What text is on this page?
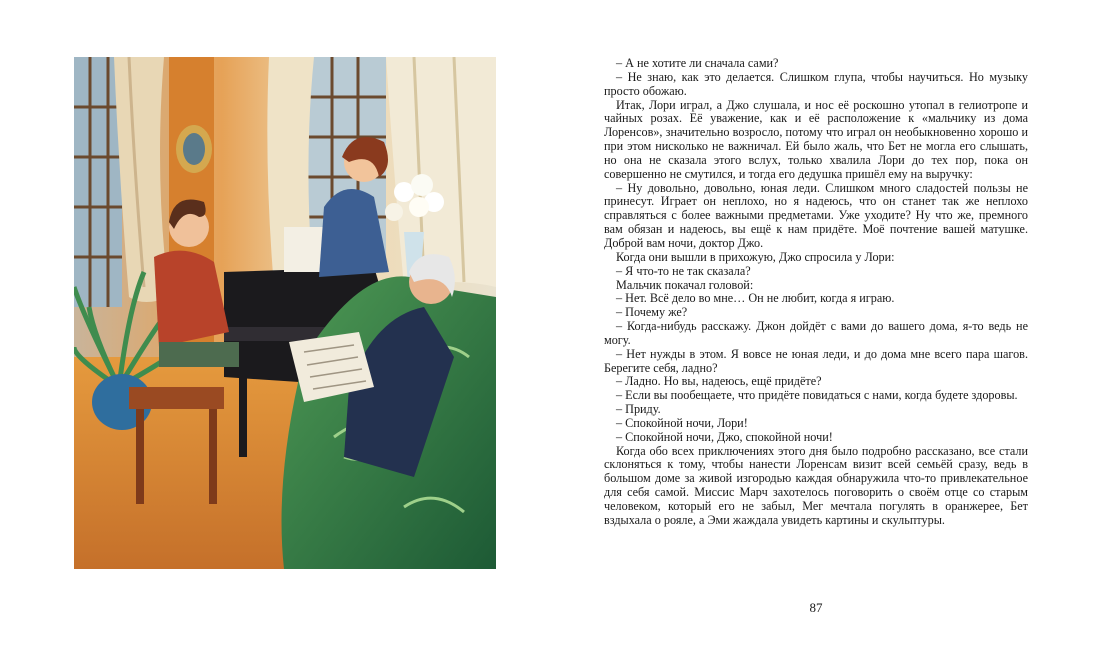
– А не хотите ли сначала сами?

– Не знаю, как это делается. Слишком глупа, чтобы научиться. Но музыку просто обожаю.

Итак, Лори играл, а Джо слушала, и нос её роскошно утопал в гелиотропе и чайных розах. Её уважение, как и её расположение к «мальчику из дома Лоренсов», значительно возросло, потому что играл он необыкновенно хорошо и при этом нисколько не важничал. Ей было жаль, что Бет не могла его слышать, но она не сказала этого вслух, только хвалила Лори до тех пор, пока он совершенно не смутился, и тогда его дедушка пришёл ему на выручку:

– Ну довольно, довольно, юная леди. Слишком много сладостей пользы не принесут. Играет он неплохо, но я надеюсь, что он станет так же неплохо справляться с более важными предметами. Уже уходите? Ну что же, премного вам обязан и надеюсь, вы ещё к нам придёте. Моё почтение вашей матушке. Доброй вам ночи, доктор Джо.

Когда они вышли в прихожую, Джо спросила у Лори:

– Я что-то не так сказала?

Мальчик покачал головой:

– Нет. Всё дело во мне… Он не любит, когда я играю.

– Почему же?

– Когда-нибудь расскажу. Джон дойдёт с вами до вашего дома, я-то ведь не могу.

– Нет нужды в этом. Я вовсе не юная леди, и до дома мне всего пара шагов. Берегите себя, ладно?

– Ладно. Но вы, надеюсь, ещё придёте?

– Если вы пообещаете, что придёте повидаться с нами, когда будете здоровы.

– Приду.

– Спокойной ночи, Лори!

– Спокойной ночи, Джо, спокойной ночи!

Когда обо всех приключениях этого дня было подробно рассказано, все стали склоняться к тому, чтобы нанести Лоренсам визит всей семьёй сразу, ведь в большом доме за живой изгородью каждая обнаружила что-то привлекательное для себя самой. Миссис Марч захотелось поговорить о своём отце со старым человеком, который его не забыл, Мег мечтала погулять в оранжерее, Бет вздыхала о рояле, а Эми жаждала увидеть картины и скульптуры.

87
